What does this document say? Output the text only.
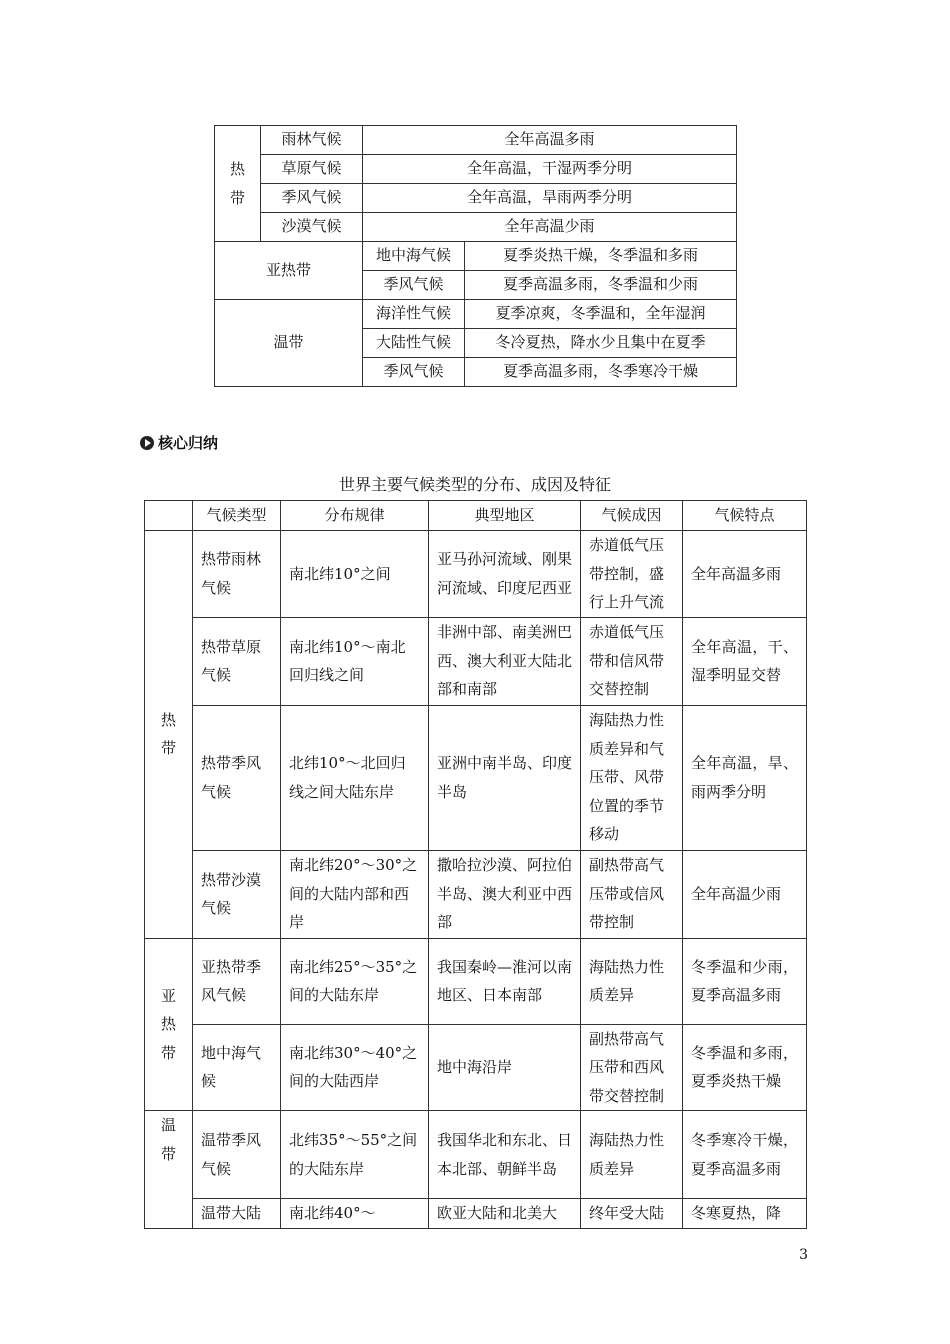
热
带	雨林气候	全年高温多雨	
	草原气候	全年高温，干湿两季分明	
	季风气候	全年高温，旱雨两季分明	
	沙漠气候	全年高温少雨	
亚热带		地中海气候	夏季炎热干燥，冬季温和多雨
		季风气候	夏季高温多雨，冬季温和少雨
温带		海洋性气候	夏季凉爽，冬季温和，全年湿润
		大陆性气候	冬冷夏热，降水少且集中在夏季
		季风气候	夏季高温多雨，冬季寒冷干燥
核心归纳
世界主要气候类型的分布、成因及特征
	气候类型	分布规律	典型地区	气候成因	气候特点

热
带	热带雨林气候	南北纬10°之间	亚马孙河流域、刚果河流域、印度尼西亚	赤道低气压带控制，盛行上升气流	全年高温多雨
	热带草原气候	南北纬10°～南北回归线之间	非洲中部、南美洲巴西、澳大利亚大陆北部和南部	赤道低气压带和信风带交替控制	全年高温，干、湿季明显交替
	热带季风气候	北纬10°～北回归线之间大陆东岸	亚洲中南半岛、印度半岛	海陆热力性质差异和气压带、风带位置的季节移动	全年高温，旱、雨两季分明
	热带沙漠气候	南北纬20°～30°之间的大陆内部和西岸	撒哈拉沙漠、阿拉伯半岛、澳大利亚中西部	副热带高气压带或信风带控制	全年高温少雨

亚
热
带	亚热带季风气候	南北纬25°～35°之间的大陆东岸	我国秦岭—淮河以南地区、日本南部	海陆热力性质差异	冬季温和少雨，夏季高温多雨
	地中海气候	南北纬30°～40°之间的大陆西岸	地中海沿岸	副热带高气压带和西风带交替控制	冬季温和多雨，夏季炎热干燥

温
带	温带季风气候	北纬35°～55°之间的大陆东岸	我国华北和东北、日本北部、朝鲜半岛	海陆热力性质差异	冬季寒冷干燥，夏季高温多雨
	温带大陆	南北纬40°～	欧亚大陆和北美大	终年受大陆	冬寒夏热，降
3
